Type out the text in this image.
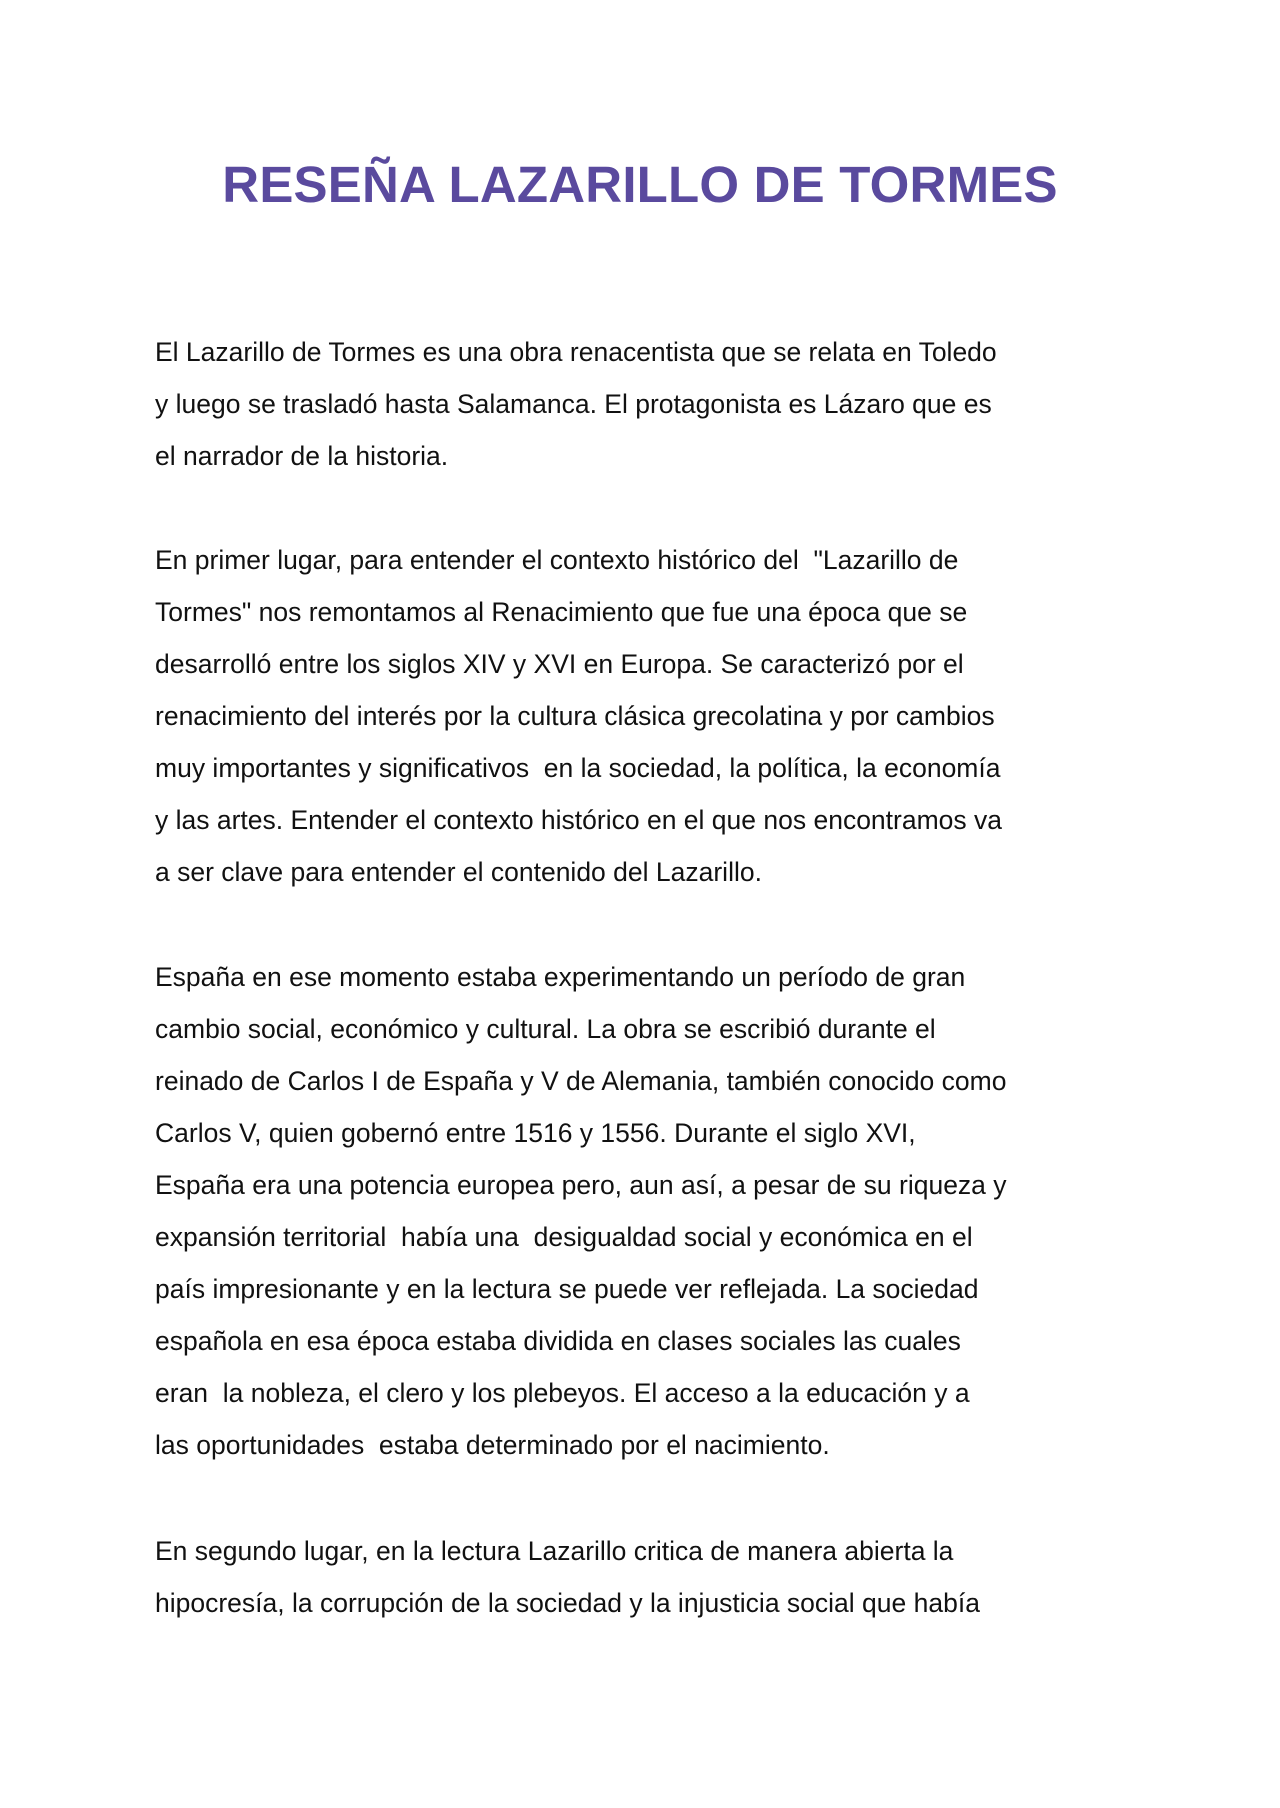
RESEÑA LAZARILLO DE TORMES
El Lazarillo de Tormes es una obra renacentista que se relata en Toledo
y luego se trasladó hasta Salamanca. El protagonista es Lázaro que es
el narrador de la historia.
En primer lugar, para entender el contexto histórico del  "Lazarillo de
Tormes" nos remontamos al Renacimiento que fue una época que se
desarrolló entre los siglos XIV y XVI en Europa. Se caracterizó por el
renacimiento del interés por la cultura clásica grecolatina y por cambios
muy importantes y significativos  en la sociedad, la política, la economía
y las artes. Entender el contexto histórico en el que nos encontramos va
a ser clave para entender el contenido del Lazarillo.
España en ese momento estaba experimentando un período de gran
cambio social, económico y cultural. La obra se escribió durante el
reinado de Carlos I de España y V de Alemania, también conocido como
Carlos V, quien gobernó entre 1516 y 1556. Durante el siglo XVI,
España era una potencia europea pero, aun así, a pesar de su riqueza y
expansión territorial  había una  desigualdad social y económica en el
país impresionante y en la lectura se puede ver reflejada. La sociedad
española en esa época estaba dividida en clases sociales las cuales
eran  la nobleza, el clero y los plebeyos. El acceso a la educación y a
las oportunidades  estaba determinado por el nacimiento.
En segundo lugar, en la lectura Lazarillo critica de manera abierta la
hipocresía, la corrupción de la sociedad y la injusticia social que había
